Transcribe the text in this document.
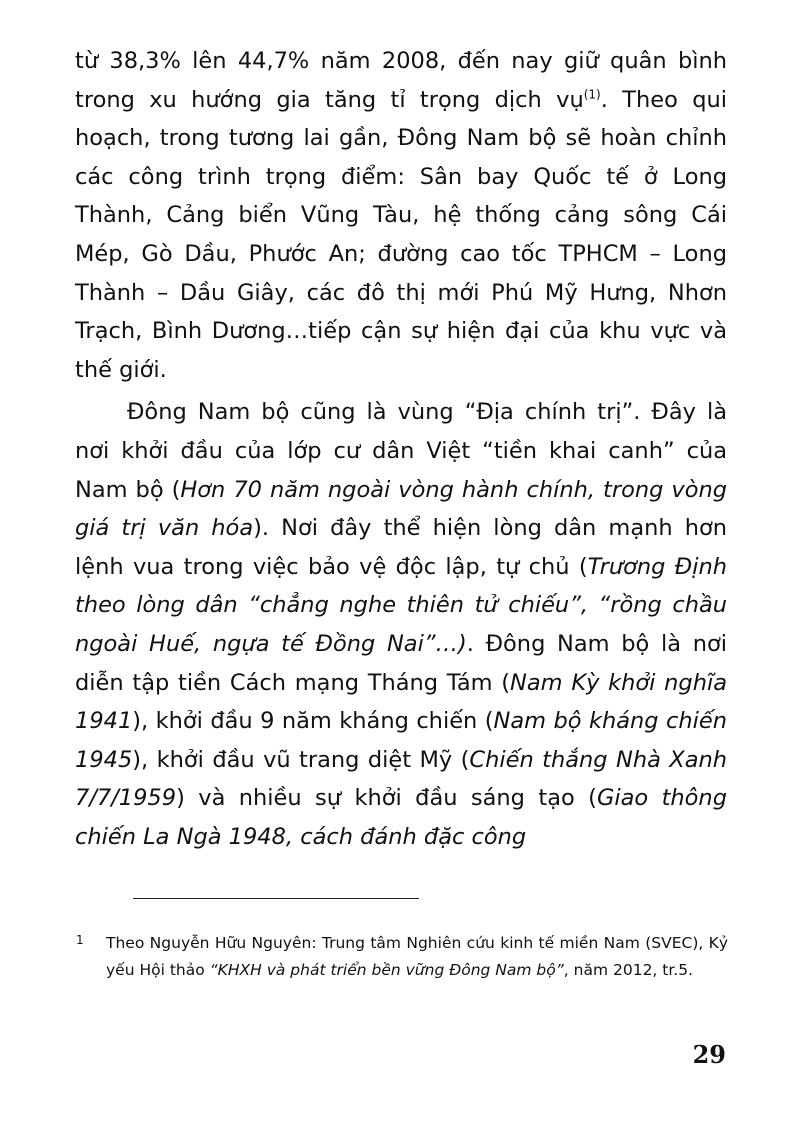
từ 38,3% lên 44,7% năm 2008, đến nay giữ quân bình trong xu hướng gia tăng tỉ trọng dịch vụ$^{(1)}$. Theo qui hoạch, trong tương lai gần, Đông Nam bộ sẽ hoàn chỉnh các công trình trọng điểm: Sân bay Quốc tế ở Long Thành, Cảng biển Vũng Tàu, hệ thống cảng sông Cái Mép, Gò Dầu, Phước An; đường cao tốc TPHCM – Long Thành – Dầu Giây, các đô thị mới Phú Mỹ Hưng, Nhơn Trạch, Bình Dương…tiếp cận sự hiện đại của khu vực và thế giới.

Đông Nam bộ cũng là vùng “Địa chính trị”. Đây là nơi khởi đầu của lớp cư dân Việt “tiền khai canh” của Nam bộ (Hơn 70 năm ngoài vòng hành chính, trong vòng giá trị văn hóa). Nơi đây thể hiện lòng dân mạnh hơn lệnh vua trong việc bảo vệ độc lập, tự chủ (Trương Định theo lòng dân “chẳng nghe thiên tử chiếu”, “rồng chầu ngoài Huế, ngựa tế Đồng Nai”…). Đông Nam bộ là nơi diễn tập tiền Cách mạng Tháng Tám (Nam Kỳ khởi nghĩa 1941), khởi đầu 9 năm kháng chiến (Nam bộ kháng chiến 1945), khởi đầu vũ trang diệt Mỹ (Chiến thắng Nhà Xanh 7/7/1959) và nhiều sự khởi đầu sáng tạo (Giao thông chiến La Ngà 1948, cách đánh đặc công

1 Theo Nguyễn Hữu Nguyên: Trung tâm Nghiên cứu kinh tế miền Nam (SVEC), Kỷ yếu Hội thảo “KHXH và phát triển bền vững Đông Nam bộ”, năm 2012, tr.5.
29
